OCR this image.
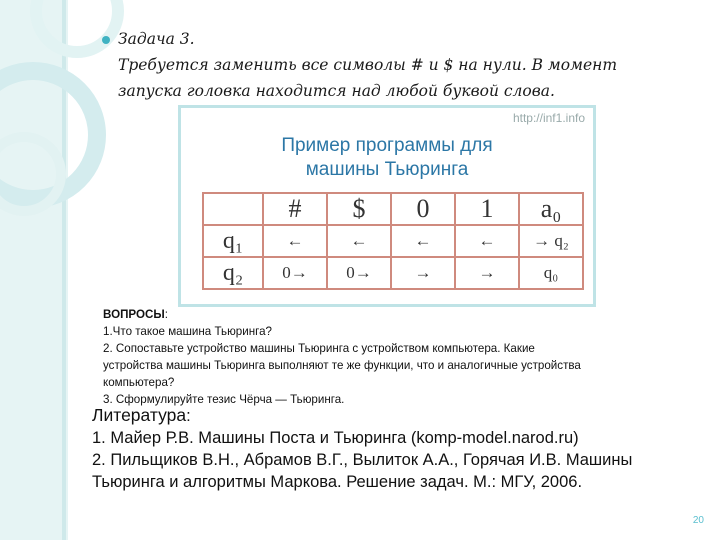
Задача 3.
Требуется заменить все символы # и $ на нули. В момент
запуска головка находится над любой буквой слова.
http://inf1.info
Пример программы для
машины Тьюринга
	#	$	0	1	a₀
q₁	←	←	←	←	→ q₂
q₂	0→	0→	→	→	q₀
ВОПРОСЫ:
1.Что такое машина Тьюринга?
2. Сопоставьте устройство машины Тьюринга с устройством компьютера. Какие
устройства машины Тьюринга выполняют те же функции, что и аналогичные устройства
компьютера?
3. Сформулируйте тезис Чёрча — Тьюринга.
Литература:
1. Майер Р.В. Машины Поста и Тьюринга (komp-model.narod.ru)
2. Пильщиков В.Н., Абрамов В.Г., Вылиток А.А., Горячая И.В. Машины
Тьюринга и алгоритмы Маркова. Решение задач. М.: МГУ, 2006.
20
